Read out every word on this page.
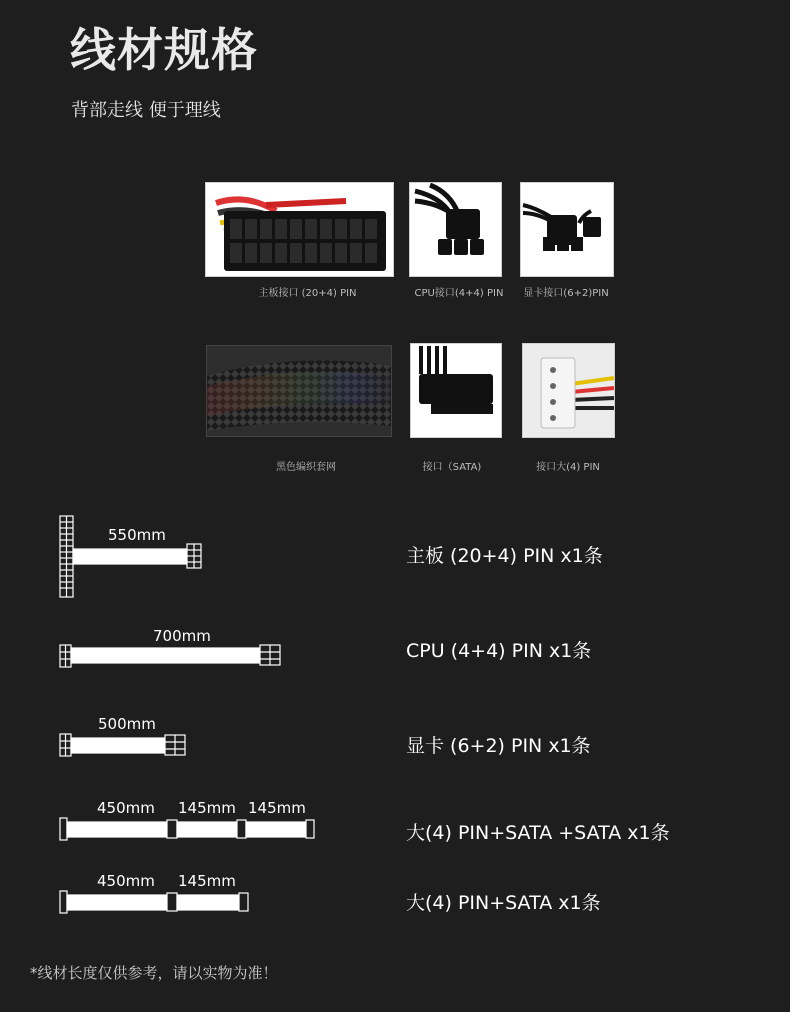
线材规格
背部走线 便于理线
主板接口 (20+4) PIN	CPU接口(4+4) PIN	显卡接口(6+2)PIN
黑色编织套网	接口（SATA)	接口大(4) PIN
550mm
700mm
500mm
450mm 145mm 145mm
450mm 145mm
主板 (20+4) PIN x1条
CPU (4+4) PIN x1条
显卡 (6+2) PIN x1条
大(4) PIN+SATA +SATA x1条
大(4) PIN+SATA x1条
*线材长度仅供参考，请以实物为准！
